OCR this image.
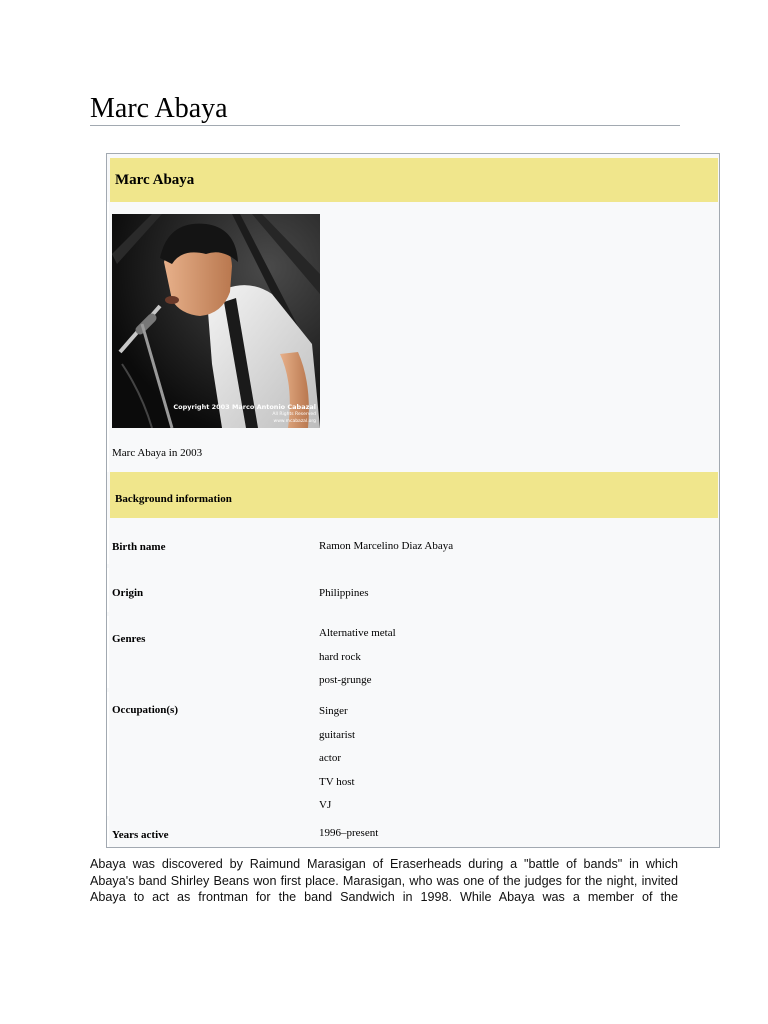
Marc Abaya
Marc Abaya
Copyright 2003 Marco Antonio Cabazal
All Rights Reserved
www.mcabazal.org
Marc Abaya in 2003
Background information
Birth name	Ramon Marcelino Diaz Abaya
Origin	Philippines
Genres	Alternative metal
hard rock
post-grunge
Occupation(s)	Singer
guitarist
actor
TV host
VJ
Years active	1996–present

Abaya was discovered by Raimund Marasigan of Eraserheads during a "battle of bands" in which Abaya's band Shirley Beans won first place. Marasigan, who was one of the judges for the night, invited Abaya to act as frontman for the band Sandwich in 1998. While Abaya was a member of the
